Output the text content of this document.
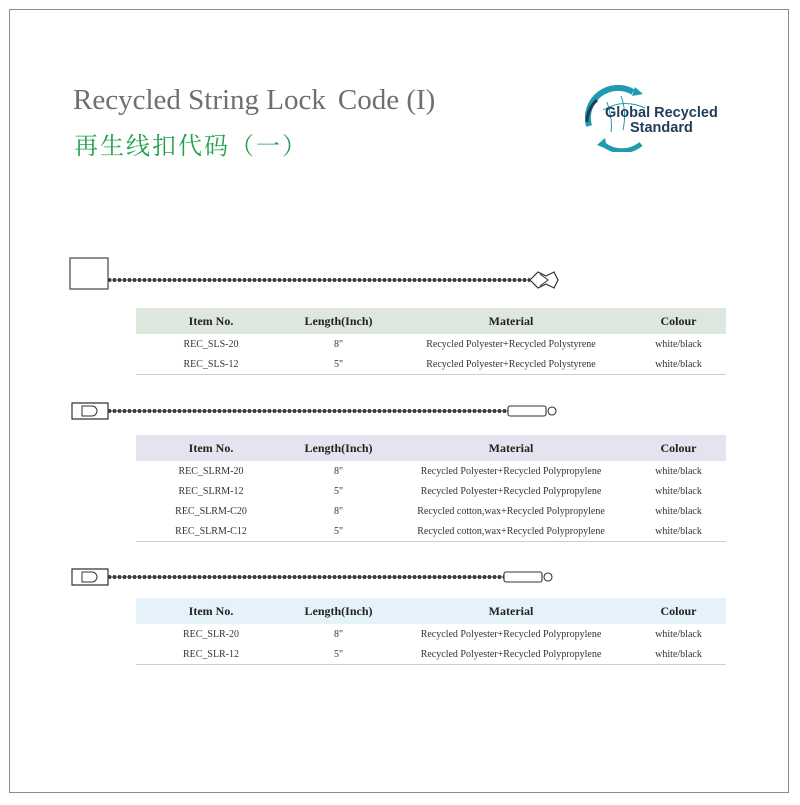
Recycled String Lock Code (I)
再生线扣代码（一）
Global Recycled
Standard
Item No.	Length(Inch)	Material	Colour
REC_SLS-20	8"	Recycled Polyester+Recycled Polystyrene	white/black
REC_SLS-12	5"	Recycled Polyester+Recycled Polystyrene	white/black
Item No.	Length(Inch)	Material	Colour
REC_SLRM-20	8"	Recycled Polyester+Recycled Polypropylene	white/black
REC_SLRM-12	5"	Recycled Polyester+Recycled Polypropylene	white/black
REC_SLRM-C20	8"	Recycled cotton,wax+Recycled Polypropylene	white/black
REC_SLRM-C12	5"	Recycled cotton,wax+Recycled Polypropylene	white/black
Item No.	Length(Inch)	Material	Colour
REC_SLR-20	8"	Recycled Polyester+Recycled Polypropylene	white/black
REC_SLR-12	5"	Recycled Polyester+Recycled Polypropylene	white/black
